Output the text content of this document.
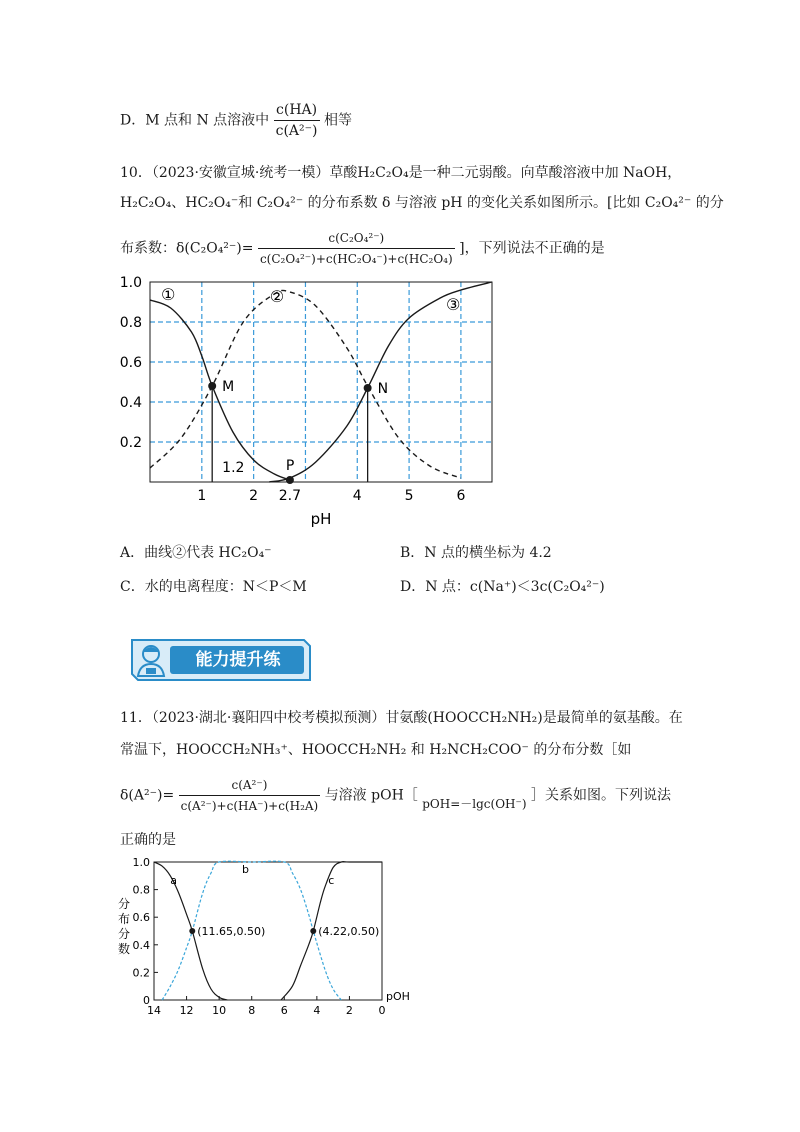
D．M 点和 N 点溶液中 $\frac{c(HA)}{\text{c(A²⁻)}}$ 相等
10．（2023·安徽宣城·统考一模）草酸H₂C₂O₄是一种二元弱酸。向草酸溶液中加 NaOH，
H₂C₂O₄、HC₂O₄⁻和 C₂O₄²⁻ 的分布系数 δ 与溶液 pH 的变化关系如图所示。[比如 C₂O₄²⁻ 的分
布系数：$\delta(C_2O_4^{2-})= \frac{\text{c(C₂O₄²⁻)}}{\text{c(C₂O₄²⁻)+c(HC₂O₄⁻)+c(HC₂O₄)}}$ ]，下列说法不正确的是
0.2
0.4
0.6
0.8
1.0
1	2	4	5	6
pH
①	②	③
M	N
P
1.2
2.7
A．曲线②代表 HC₂O₄⁻	B．N 点的横坐标为 4.2
C．水的电离程度：N＜P＜M	D．N 点：c(Na⁺)＜3c(C₂O₄²⁻)
能力提升练
11．（2023·湖北·襄阳四中校考模拟预测）甘氨酸(HOOCCH₂NH₂)是最简单的氨基酸。在
常温下，HOOCCH₂NH₃⁺、HOOCCH₂NH₂ 和 H₂NCH₂COO⁻ 的分布分数［如
$\delta(A^{2-})= \frac{\text{c(A²⁻)}}{\text{c(A²⁻)+c(HA⁻)+c(H₂A)}}$ 与溶液 pOH［ pOH=－lgc(OH⁻) ］关系如图。下列说法
正确的是
0
0.2
0.4
0.6
0.8
1.0
14 12 10 8 6 4 2 0
pOH
分布分数
a
b
c
(11.65,0.50)	(4.22,0.50)
